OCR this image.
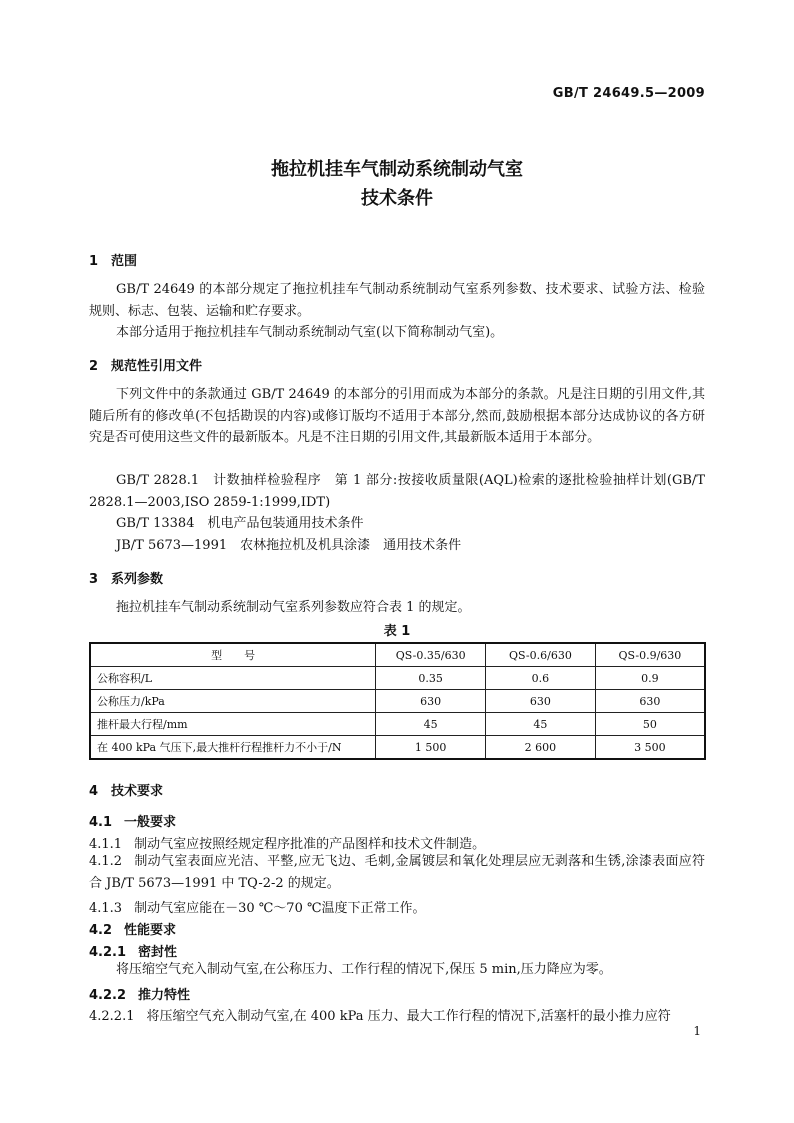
GB/T 24649.5—2009
拖拉机挂车气制动系统制动气室
技术条件
1 范围

GB/T 24649 的本部分规定了拖拉机挂车气制动系统制动气室系列参数、技术要求、试验方法、检验规则、标志、包装、运输和贮存要求。

本部分适用于拖拉机挂车气制动系统制动气室(以下简称制动气室)。

2 规范性引用文件

下列文件中的条款通过 GB/T 24649 的本部分的引用而成为本部分的条款。凡是注日期的引用文件,其随后所有的修改单(不包括勘误的内容)或修订版均不适用于本部分,然而,鼓励根据本部分达成协议的各方研究是否可使用这些文件的最新版本。凡是不注日期的引用文件,其最新版本适用于本部分。

GB/T 2828.1　计数抽样检验程序　第 1 部分:按接收质量限(AQL)检索的逐批检验抽样计划(GB/T 2828.1—2003,ISO 2859-1:1999,IDT)

GB/T 13384　机电产品包装通用技术条件

JB/T 5673—1991　农林拖拉机及机具涂漆　通用技术条件

3 系列参数

拖拉机挂车气制动系统制动气室系列参数应符合表 1 的规定。

表 1
型　　号	QS-0.35/630	QS-0.6/630	QS-0.9/630
公称容积/L	0.35	0.6	0.9
公称压力/kPa	630	630	630
推杆最大行程/mm	45	45	50
在 400 kPa 气压下,最大推杆行程推杆力不小于/N	1 500	2 600	3 500
4 技术要求
4.1 一般要求
4.1.1 制动气室应按照经规定程序批准的产品图样和技术文件制造。

4.1.2 制动气室表面应光洁、平整,应无飞边、毛刺,金属镀层和氧化处理层应无剥落和生锈,涂漆表面应符合 JB/T 5673—1991 中 TQ-2-2 的规定。

4.1.3 制动气室应能在－30 ℃～70 ℃温度下正常工作。
4.2 性能要求
4.2.1 密封性

将压缩空气充入制动气室,在公称压力、工作行程的情况下,保压 5 min,压力降应为零。

4.2.2 推力特性
4.2.2.1 将压缩空气充入制动气室,在 400 kPa 压力、最大工作行程的情况下,活塞杆的最小推力应符
1
